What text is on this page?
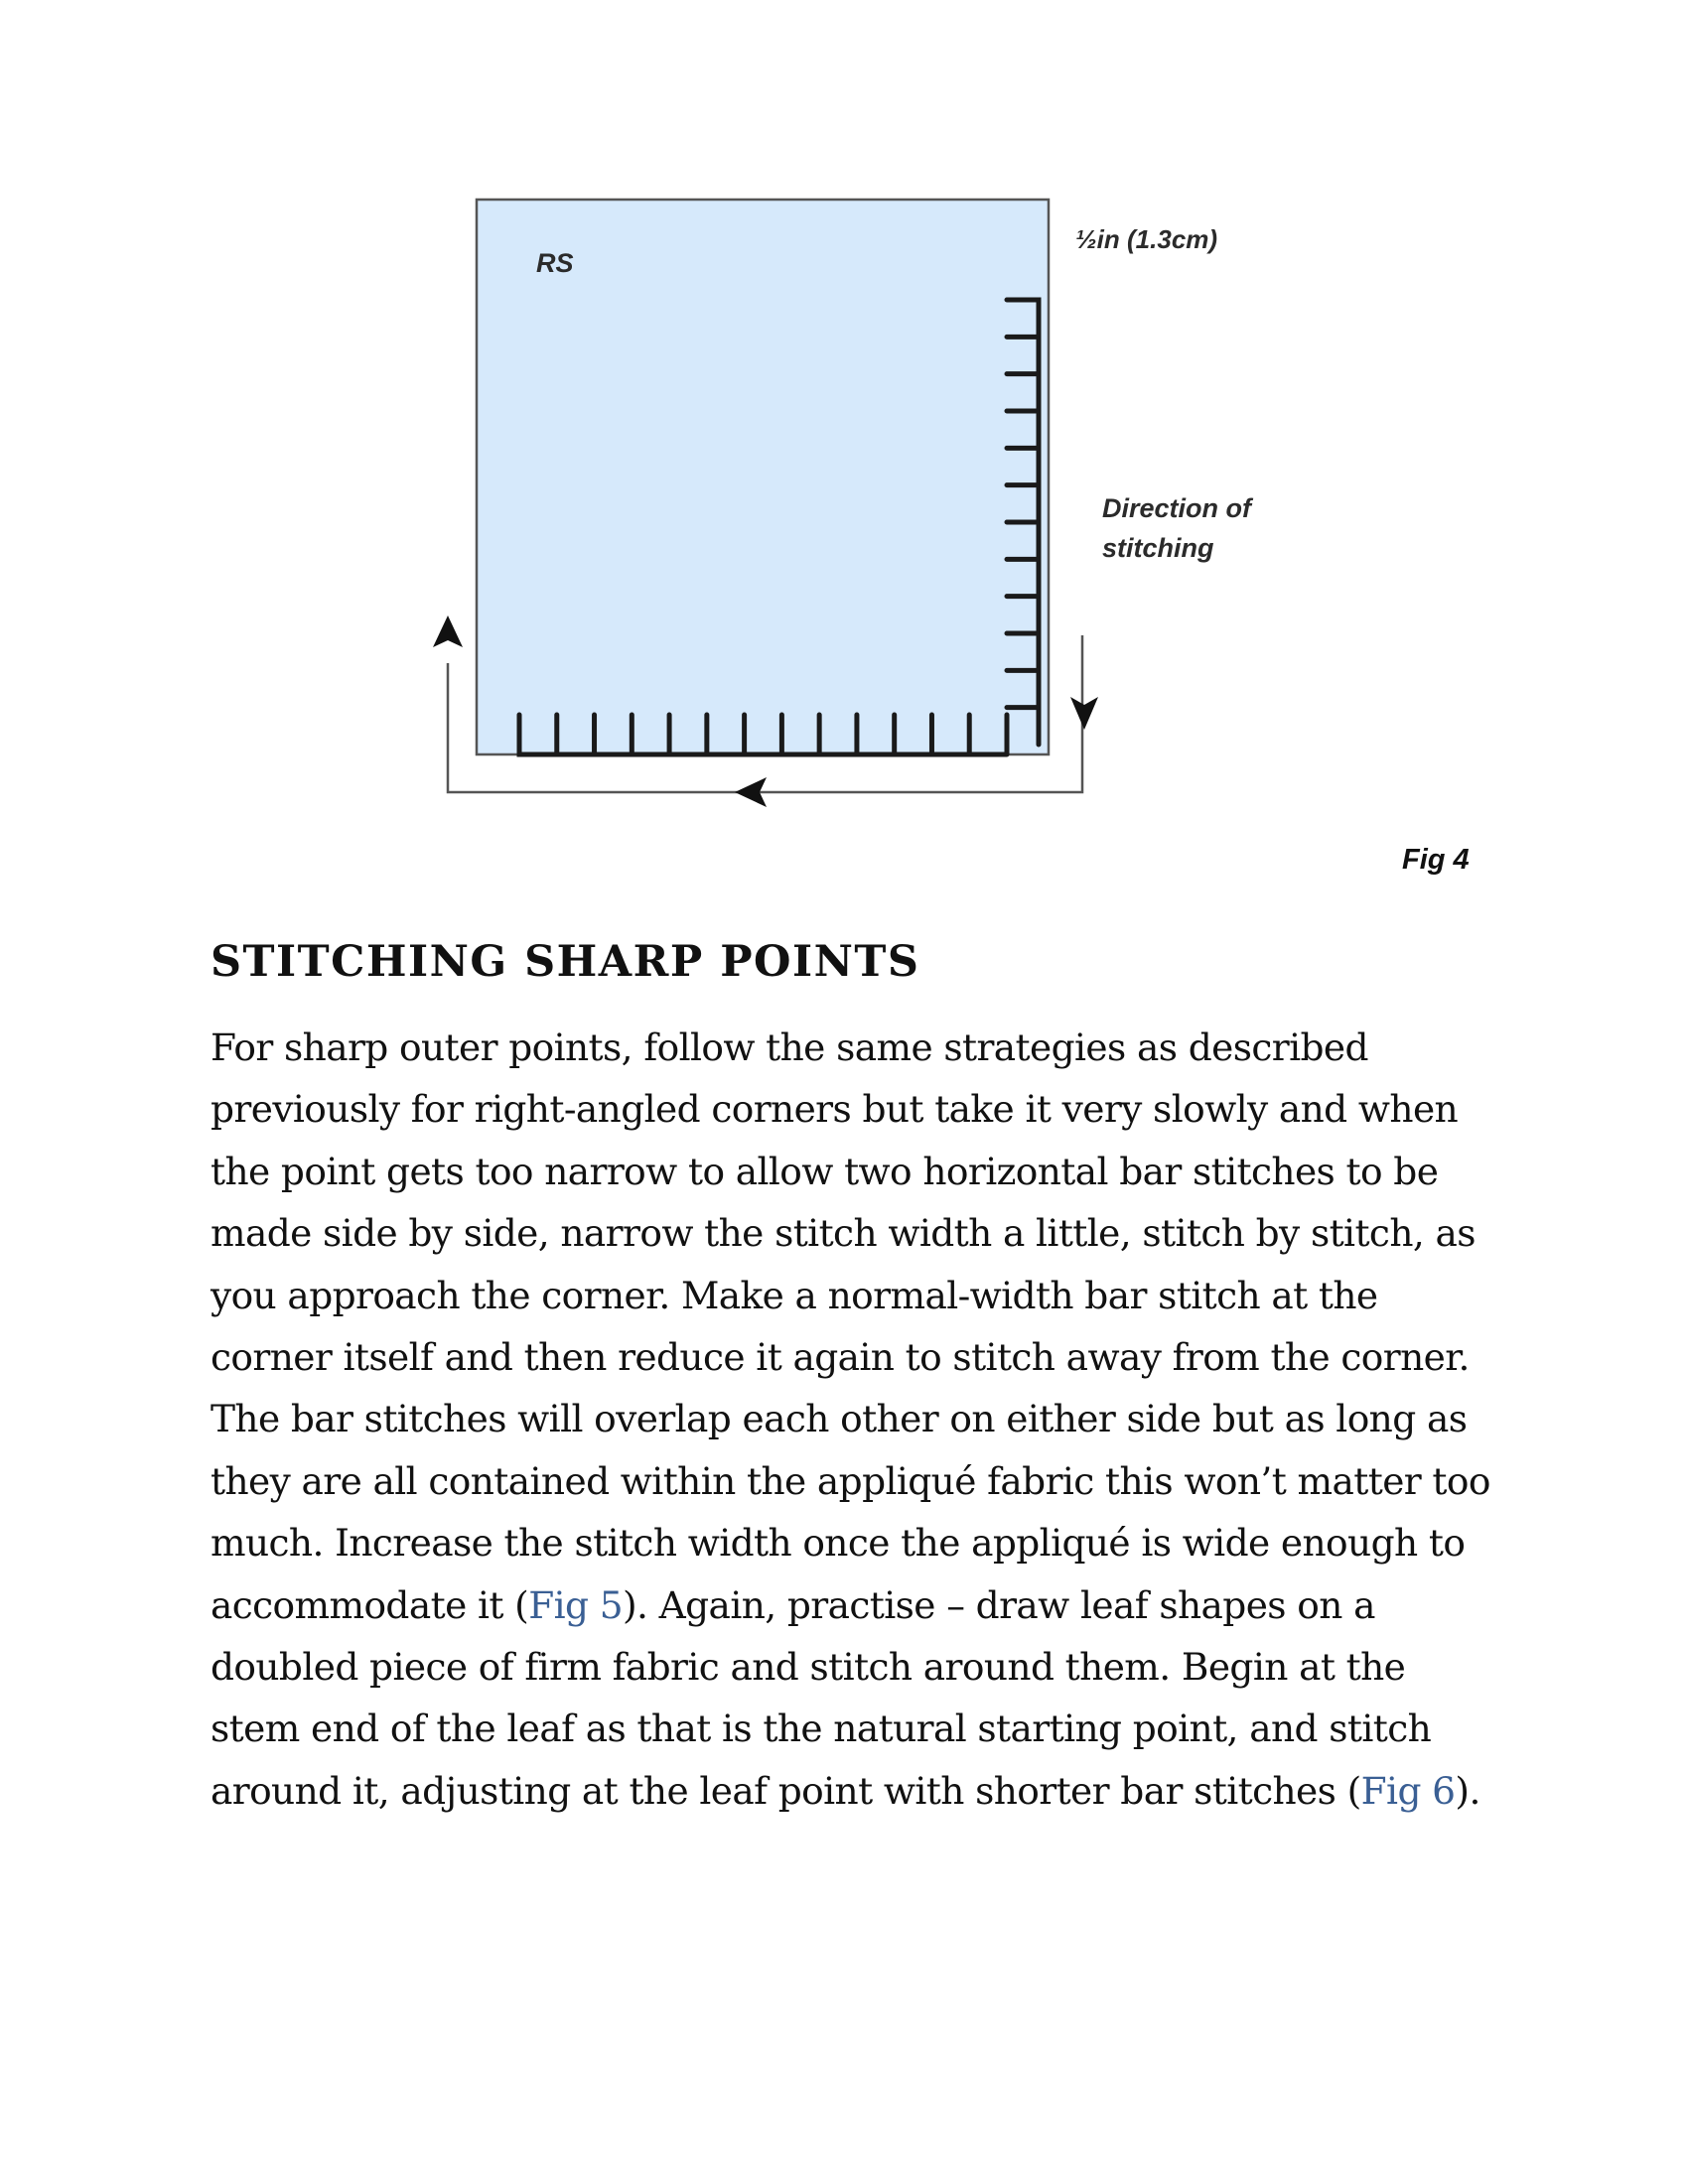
RS
½in (1.3cm)
Direction of
stitching
Fig 4
STITCHING SHARP POINTS

For sharp outer points, follow the same strategies as described
previously for right-angled corners but take it very slowly and when
the point gets too narrow to allow two horizontal bar stitches to be
made side by side, narrow the stitch width a little, stitch by stitch, as
you approach the corner. Make a normal-width bar stitch at the
corner itself and then reduce it again to stitch away from the corner.
The bar stitches will overlap each other on either side but as long as
they are all contained within the appliqué fabric this won’t matter too
much. Increase the stitch width once the appliqué is wide enough to
accommodate it (Fig 5). Again, practise – draw leaf shapes on a
doubled piece of firm fabric and stitch around them. Begin at the
stem end of the leaf as that is the natural starting point, and stitch
around it, adjusting at the leaf point with shorter bar stitches (Fig 6).
